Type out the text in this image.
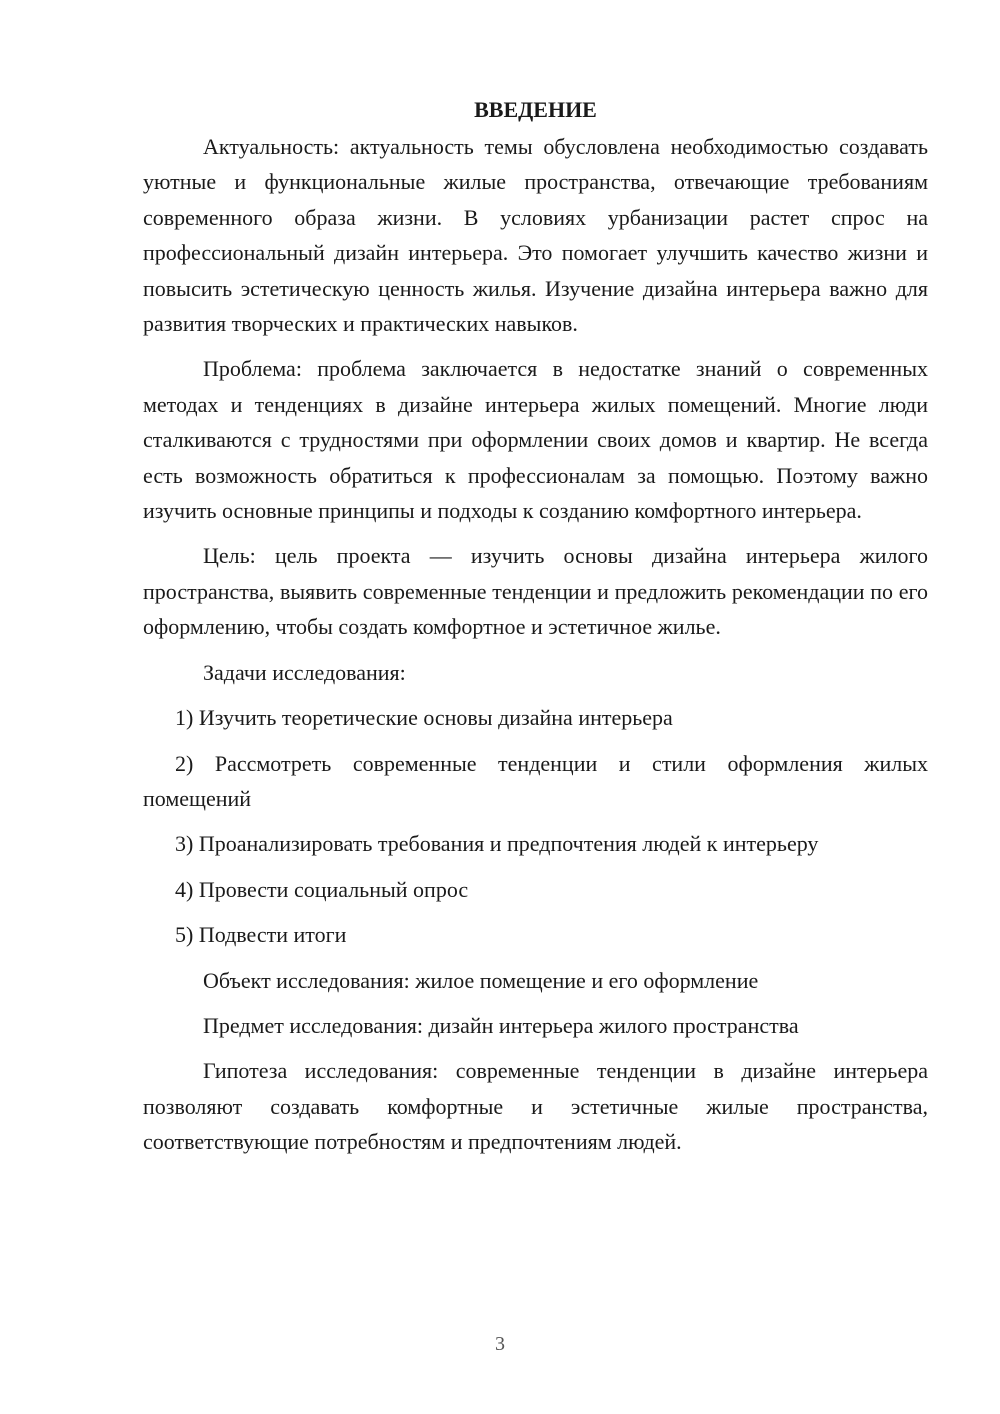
ВВЕДЕНИЕ

Актуальность: актуальность темы обусловлена необходимостью создавать уютные и функциональные жилые пространства, отвечающие требованиям современного образа жизни. В условиях урбанизации растет спрос на профессиональный дизайн интерьера. Это помогает улучшить качество жизни и повысить эстетическую ценность жилья. Изучение дизайна интерьера важно для развития творческих и практических навыков.

Проблема: проблема заключается в недостатке знаний о современных методах и тенденциях в дизайне интерьера жилых помещений. Многие люди сталкиваются с трудностями при оформлении своих домов и квартир. Не всегда есть возможность обратиться к профессионалам за помощью. Поэтому важно изучить основные принципы и подходы к созданию комфортного интерьера.

Цель: цель проекта — изучить основы дизайна интерьера жилого пространства, выявить современные тенденции и предложить рекомендации по его оформлению, чтобы создать комфортное и эстетичное жилье.

Задачи исследования:

1) Изучить теоретические основы дизайна интерьера

2) Рассмотреть современные тенденции и стили оформления жилых помещений

3) Проанализировать требования и предпочтения людей к интерьеру

4) Провести социальный опрос

5) Подвести итоги

Объект исследования: жилое помещение и его оформление

Предмет исследования: дизайн интерьера жилого пространства

Гипотеза исследования: современные тенденции в дизайне интерьера позволяют создавать комфортные и эстетичные жилые пространства, соответствующие потребностям и предпочтениям людей.

3
